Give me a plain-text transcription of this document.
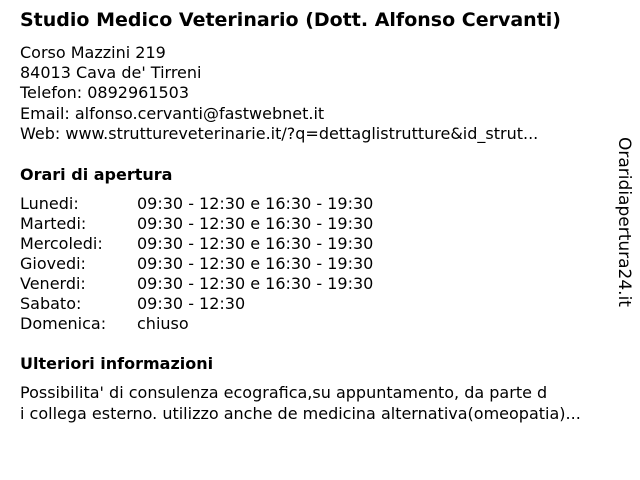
Studio Medico Veterinario (Dott. Alfonso Cervanti)
Corso Mazzini 219
84013 Cava de' Tirreni
Telefon: 0892961503
Email: alfonso.cervanti@fastwebnet.it
Web: www.struttureveterinarie.it/?q=dettaglistrutture&id_strut...
Orari di apertura
Lunedi:	09:30 - 12:30 e 16:30 - 19:30
Martedi:	09:30 - 12:30 e 16:30 - 19:30
Mercoledi: 09:30 - 12:30 e 16:30 - 19:30
Giovedi:	09:30 - 12:30 e 16:30 - 19:30
Venerdi:	09:30 - 12:30 e 16:30 - 19:30
Sabato:	09:30 - 12:30
Domenica: chiuso
Ulteriori informazioni
Possibilita' di consulenza ecografica,su appuntamento, da parte d
i collega esterno. utilizzo anche de medicina alternativa(omeopatia)...
Oraridiapertura24.it
